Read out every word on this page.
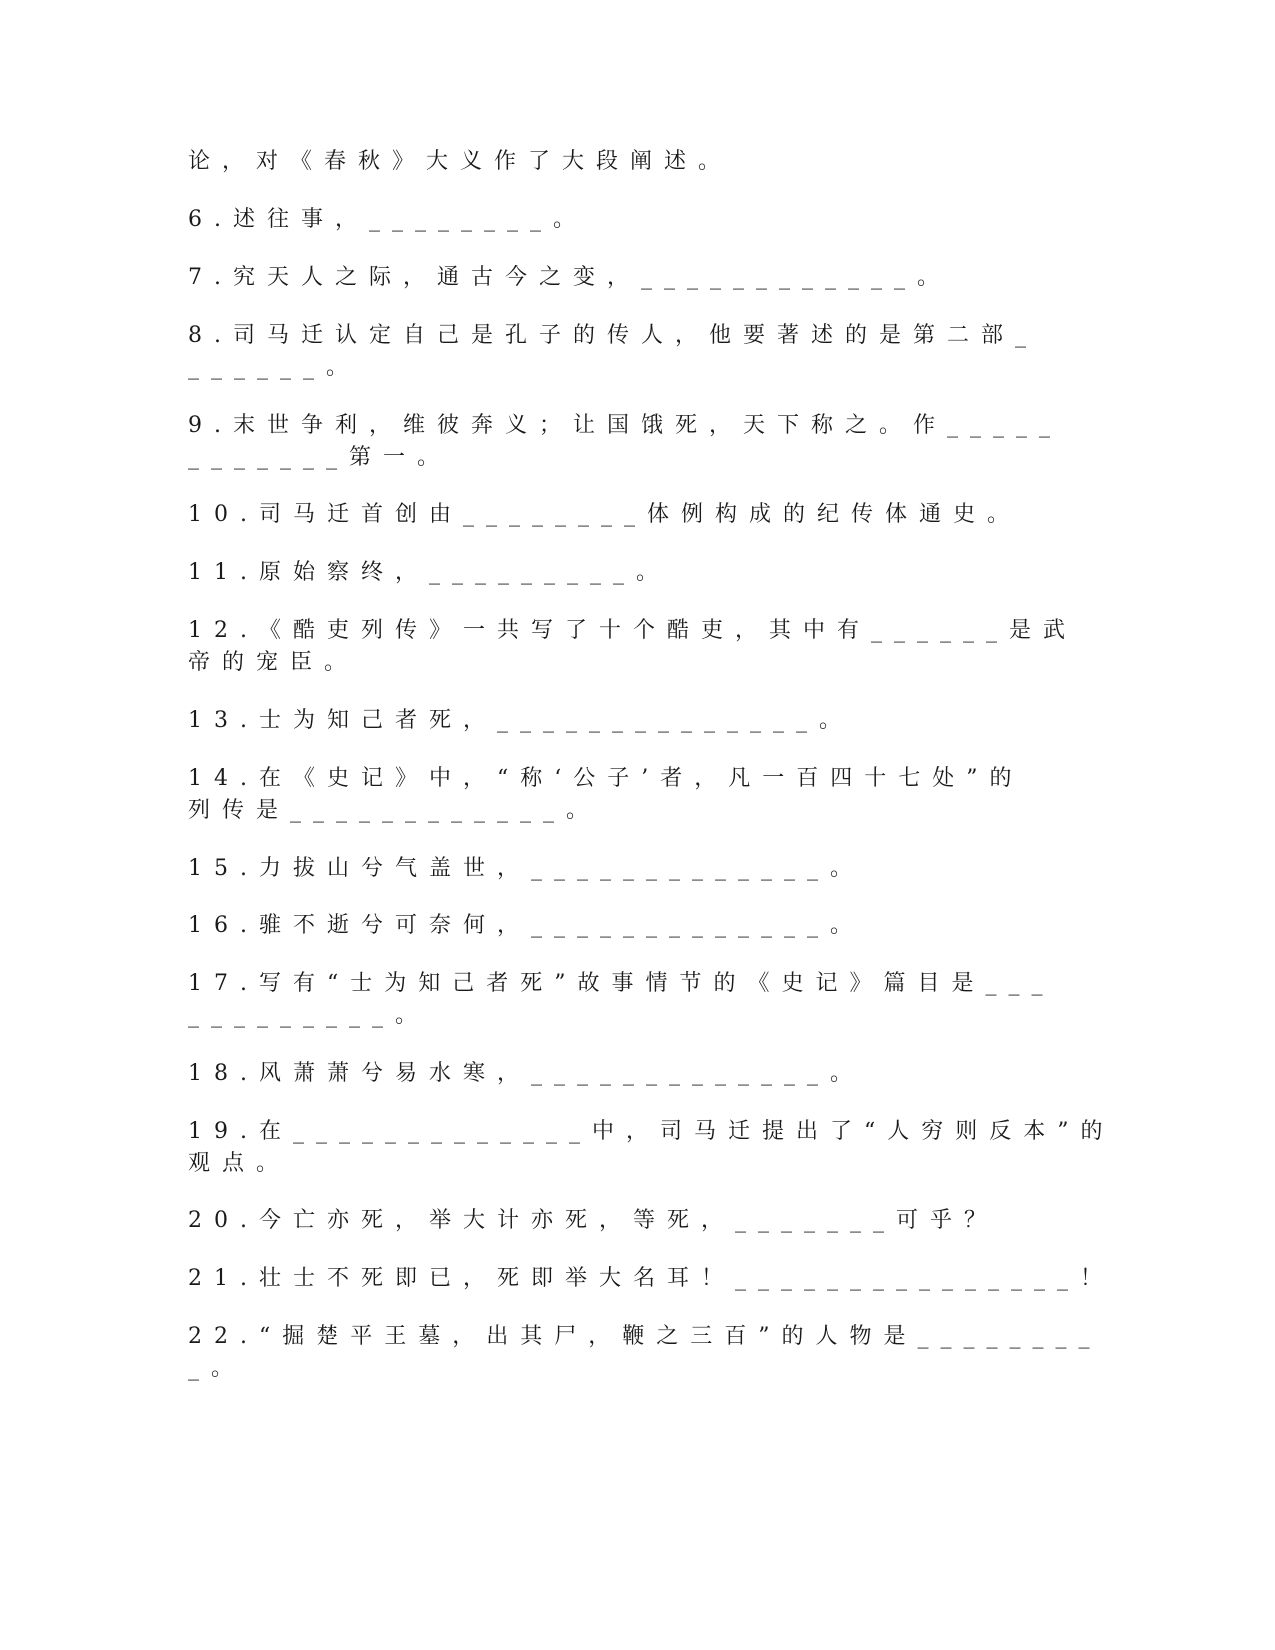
论，对《春秋》大义作了大段阐述。
6.述往事，________。
7.究天人之际，通古今之变，____________。
8.司马迁认定自己是孔子的传人，他要著述的是第二部_
______。
9.末世争利，维彼奔义；让国饿死，天下称之。作_____
_______第一。
10.司马迁首创由________体例构成的纪传体通史。
11.原始察终，_________。
12.《酷吏列传》一共写了十个酷吏，其中有______是武
帝的宠臣。
13.士为知己者死，______________。
14.在《史记》中，“称‘公子’者，凡一百四十七处”的
列传是____________。
15.力拔山兮气盖世，_____________。
16.骓不逝兮可奈何，_____________。
17.写有“士为知己者死”故事情节的《史记》篇目是___
_________。
18.风萧萧兮易水寒，_____________。
19.在_____________中，司马迁提出了“人穷则反本”的
观点。
20.今亡亦死，举大计亦死，等死，_______可乎？
21.壮士不死即已，死即举大名耳！_______________！
22.“掘楚平王墓，出其尸，鞭之三百”的人物是________
_。
